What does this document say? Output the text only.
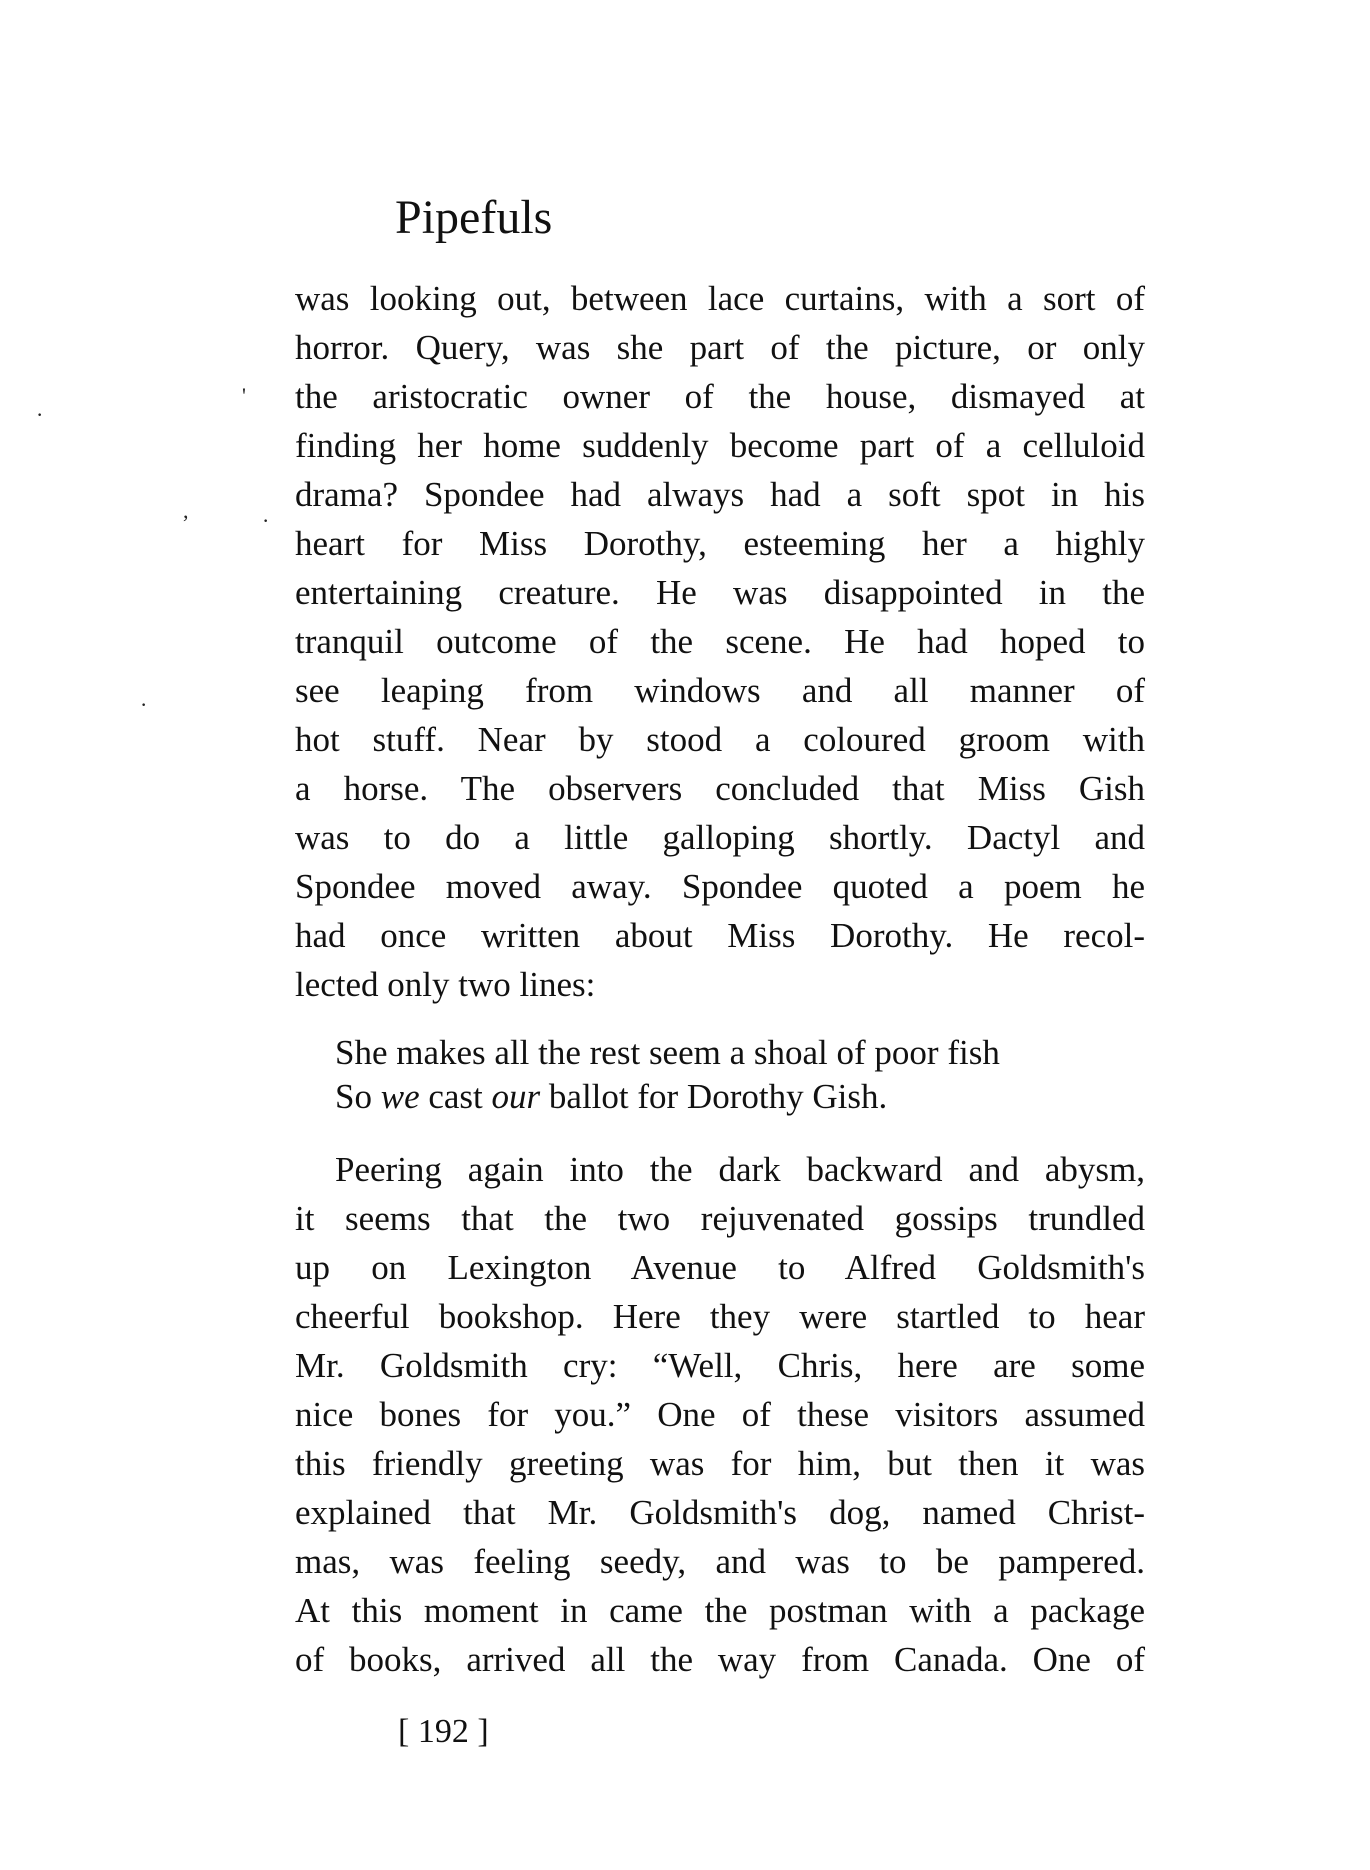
Pipefuls
was looking out, between lace curtains, with a sort of
horror. Query, was she part of the picture, or only
the aristocratic owner of the house, dismayed at
finding her home suddenly become part of a celluloid
drama? Spondee had always had a soft spot in his
heart for Miss Dorothy, esteeming her a highly
entertaining creature. He was disappointed in the
tranquil outcome of the scene. He had hoped to
see leaping from windows and all manner of
hot stuff. Near by stood a coloured groom with
a horse. The observers concluded that Miss Gish
was to do a little galloping shortly. Dactyl and
Spondee moved away. Spondee quoted a poem he
had once written about Miss Dorothy. He recol-
lected only two lines:
She makes all the rest seem a shoal of poor fish
So we cast our ballot for Dorothy Gish.
Peering again into the dark backward and abysm,
it seems that the two rejuvenated gossips trundled
up on Lexington Avenue to Alfred Goldsmith's
cheerful bookshop. Here they were startled to hear
Mr. Goldsmith cry: “Well, Chris, here are some
nice bones for you.” One of these visitors assumed
this friendly greeting was for him, but then it was
explained that Mr. Goldsmith's dog, named Christ-
mas, was feeling seedy, and was to be pampered.
At this moment in came the postman with a package
of books, arrived all the way from Canada. One of
[ 192 ]
·
'
,	·
·
